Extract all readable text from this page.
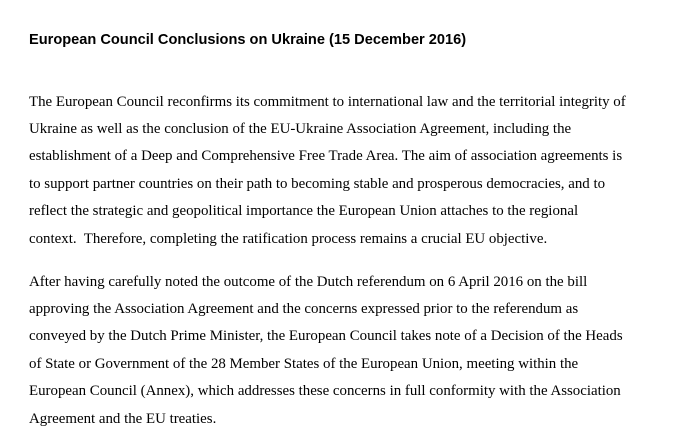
European Council Conclusions on Ukraine (15 December 2016)

The European Council reconfirms its commitment to international law and the territorial integrity of

Ukraine as well as the conclusion of the EU-Ukraine Association Agreement, including the

establishment of a Deep and Comprehensive Free Trade Area. The aim of association agreements is

to support partner countries on their path to becoming stable and prosperous democracies, and to

reflect the strategic and geopolitical importance the European Union attaches to the regional

context.  Therefore, completing the ratification process remains a crucial EU objective.

After having carefully noted the outcome of the Dutch referendum on 6 April 2016 on the bill

approving the Association Agreement and the concerns expressed prior to the referendum as

conveyed by the Dutch Prime Minister, the European Council takes note of a Decision of the Heads

of State or Government of the 28 Member States of the European Union, meeting within the

European Council (Annex), which addresses these concerns in full conformity with the Association

Agreement and the EU treaties.
